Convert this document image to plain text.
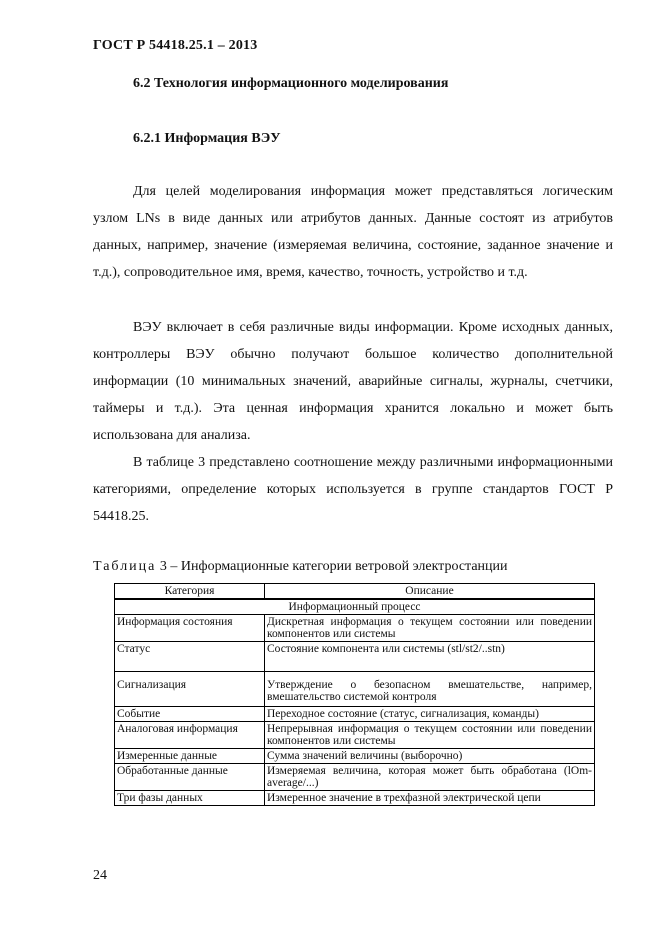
ГОСТ Р 54418.25.1 – 2013
6.2 Технология информационного моделирования
6.2.1 Информация ВЭУ

Для целей моделирования информация может представляться логическим узлом LNs в виде данных или атрибутов данных. Данные состоят из атрибутов данных, например, значение (измеряемая величина, состояние, заданное значение и т.д.), сопроводительное имя, время, качество, точность, устройство и т.д.

ВЭУ включает в себя различные виды информации. Кроме исходных данных, контроллеры ВЭУ обычно получают большое количество дополнительной информации (10 минимальных значений, аварийные сигналы, журналы, счетчики, таймеры и т.д.). Эта ценная информация хранится локально и может быть использована для анализа.

В таблице 3 представлено соотношение между различными информационными категориями, определение которых используется в группе стандартов ГОСТ Р 54418.25.

Таблица 3 – Информационные категории ветровой электростанции
Категория	Описание
Информационный процесс	
Информация состояния	Дискретная информация о текущем состоянии или поведении компонентов или системы
Статус	Состояние компонента или системы (stl/st2/..stn)
Сигнализация	Утверждение о безопасном вмешательстве, например, вмешательство системой контроля
Событие	Переходное состояние (статус, сигнализация, команды)
Аналоговая информация	Непрерывная информация о текущем состоянии или поведении компонентов или системы
Измеренные данные	Сумма значений величины (выборочно)
Обработанные данные	Измеряемая величина, которая может быть обработана (lOm-average/...)
Три фазы данных	Измеренное значение в трехфазной электрической цепи
24
